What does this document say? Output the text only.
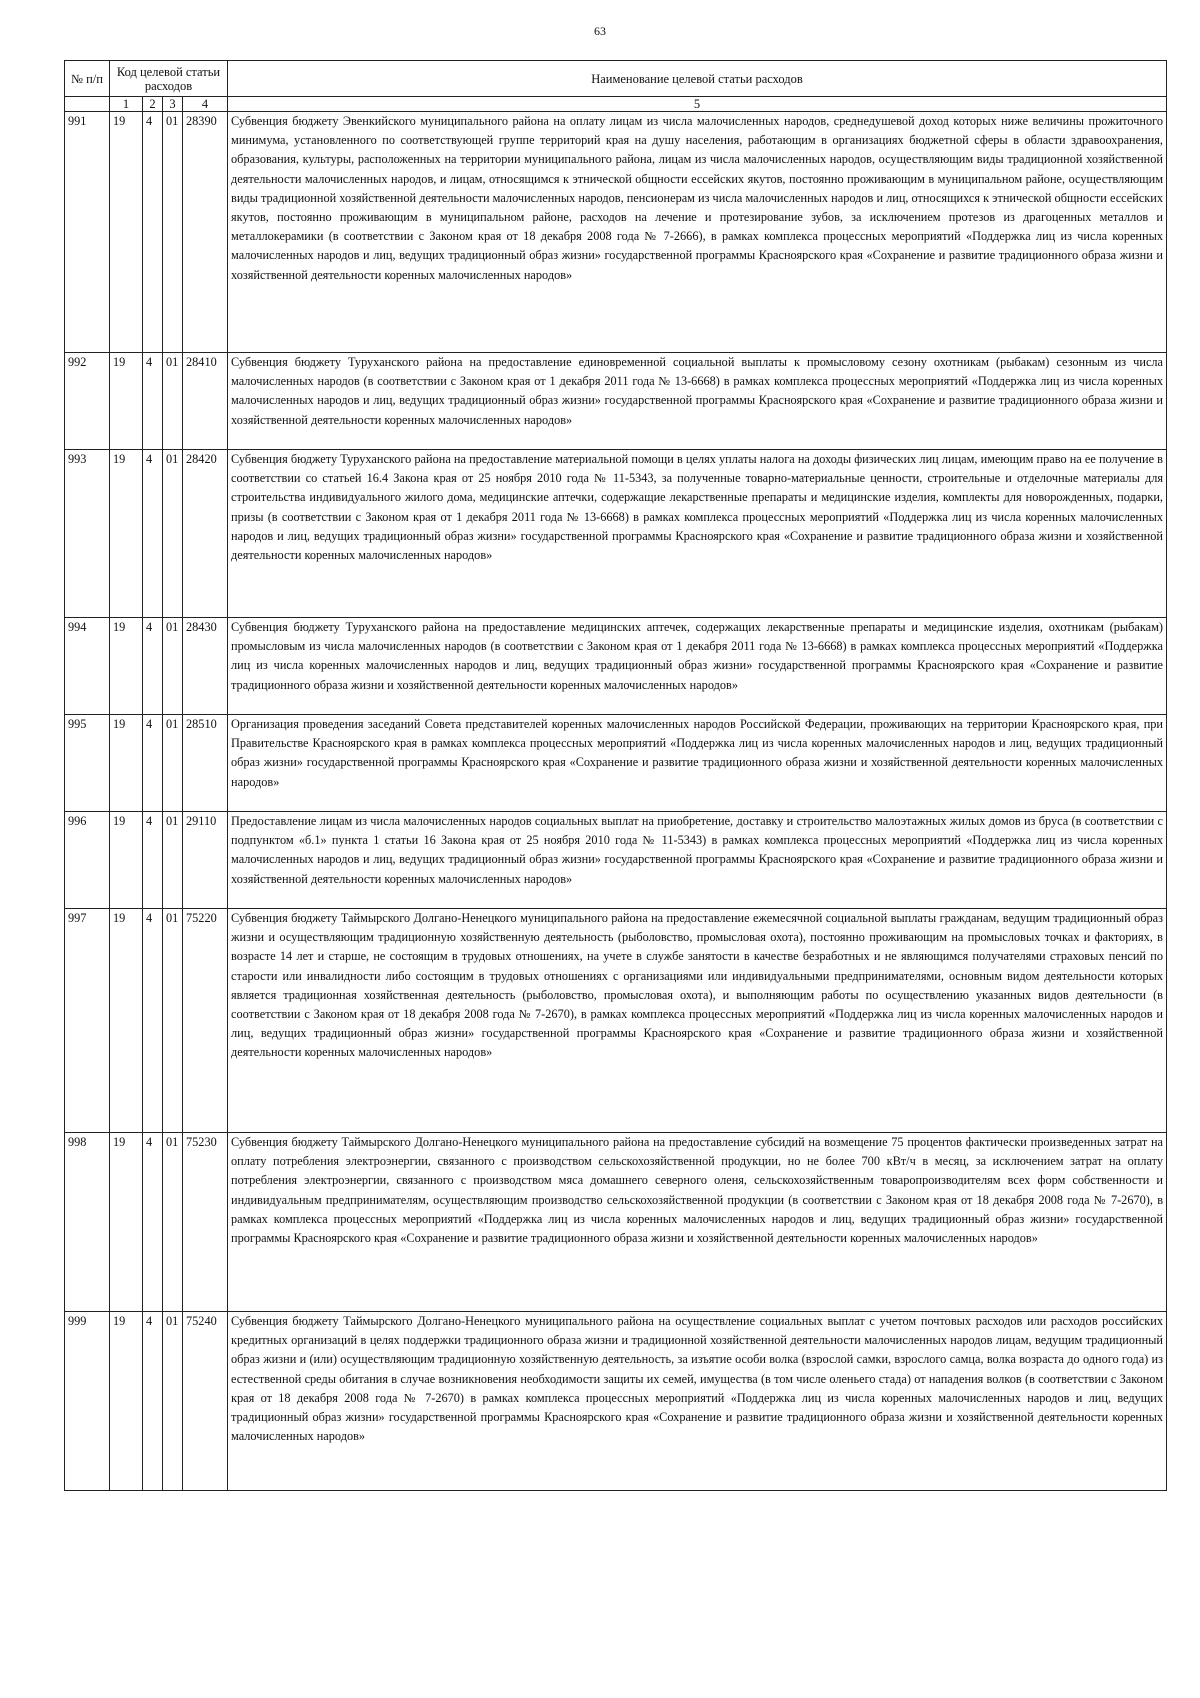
63
№ п/п	Код целевой статьи расходов				Наименование целевой статьи расходов
	1	2	3	4	5
991	19	4	01	28390	Субвенция бюджету Эвенкийского муниципального района на оплату лицам из числа малочисленных народов, среднедушевой доход которых ниже величины прожиточного минимума, установленного по соответствующей группе территорий края на душу населения, работающим в организациях бюджетной сферы в области здравоохранения, образования, культуры, расположенных на территории муниципального района, лицам из числа малочисленных народов, осуществляющим виды традиционной хозяйственной деятельности малочисленных народов, и лицам, относящимся к этнической общности ессейских якутов, постоянно проживающим в муниципальном районе, осуществляющим виды традиционной хозяйственной деятельности малочисленных народов, пенсионерам из числа малочисленных народов и лиц, относящихся к этнической общности ессейских якутов, постоянно проживающим в муниципальном районе, расходов на лечение и протезирование зубов, за исключением протезов из драгоценных металлов и металлокерамики (в соответствии с Законом края от 18 декабря 2008 года № 7-2666), в рамках комплекса процессных мероприятий «Поддержка лиц из числа коренных малочисленных народов и лиц, ведущих традиционный образ жизни» государственной программы Красноярского края «Сохранение и развитие традиционного образа жизни и хозяйственной деятельности коренных малочисленных народов»
992	19	4	01	28410	Субвенция бюджету Туруханского района на предоставление единовременной социальной выплаты к промысловому сезону охотникам (рыбакам) сезонным из числа малочисленных народов (в соответствии с Законом края от 1 декабря 2011 года № 13-6668) в рамках комплекса процессных мероприятий «Поддержка лиц из числа коренных малочисленных народов и лиц, ведущих традиционный образ жизни» государственной программы Красноярского края «Сохранение и развитие традиционного образа жизни и хозяйственной деятельности коренных малочисленных народов»
993	19	4	01	28420	Субвенция бюджету Туруханского района на предоставление материальной помощи в целях уплаты налога на доходы физических лиц лицам, имеющим право на ее получение в соответствии со статьей 16.4 Закона края от 25 ноября 2010 года № 11-5343, за полученные товарно-материальные ценности, строительные и отделочные материалы для строительства индивидуального жилого дома, медицинские аптечки, содержащие лекарственные препараты и медицинские изделия, комплекты для новорожденных, подарки, призы (в соответствии с Законом края от 1 декабря 2011 года № 13-6668) в рамках комплекса процессных мероприятий «Поддержка лиц из числа коренных малочисленных народов и лиц, ведущих традиционный образ жизни» государственной программы Красноярского края «Сохранение и развитие традиционного образа жизни и хозяйственной деятельности коренных малочисленных народов»
994	19	4	01	28430	Субвенция бюджету Туруханского района на предоставление медицинских аптечек, содержащих лекарственные препараты и медицинские изделия, охотникам (рыбакам) промысловым из числа малочисленных народов (в соответствии с Законом края от 1 декабря 2011 года № 13-6668) в рамках комплекса процессных мероприятий «Поддержка лиц из числа коренных малочисленных народов и лиц, ведущих традиционный образ жизни» государственной программы Красноярского края «Сохранение и развитие традиционного образа жизни и хозяйственной деятельности коренных малочисленных народов»
995	19	4	01	28510	Организация проведения заседаний Совета представителей коренных малочисленных народов Российской Федерации, проживающих на территории Красноярского края, при Правительстве Красноярского края в рамках комплекса процессных мероприятий «Поддержка лиц из числа коренных малочисленных народов и лиц, ведущих традиционный образ жизни» государственной программы Красноярского края «Сохранение и развитие традиционного образа жизни и хозяйственной деятельности коренных малочисленных народов»
996	19	4	01	29110	Предоставление лицам из числа малочисленных народов социальных выплат на приобретение, доставку и строительство малоэтажных жилых домов из бруса (в соответствии с подпунктом «б.1» пункта 1 статьи 16 Закона края от 25 ноября 2010 года № 11-5343) в рамках комплекса процессных мероприятий «Поддержка лиц из числа коренных малочисленных народов и лиц, ведущих традиционный образ жизни» государственной программы Красноярского края «Сохранение и развитие традиционного образа жизни и хозяйственной деятельности коренных малочисленных народов»
997	19	4	01	75220	Субвенция бюджету Таймырского Долгано-Ненецкого муниципального района на предоставление ежемесячной социальной выплаты гражданам, ведущим традиционный образ жизни и осуществляющим традиционную хозяйственную деятельность (рыболовство, промысловая охота), постоянно проживающим на промысловых точках и факториях, в возрасте 14 лет и старше, не состоящим в трудовых отношениях, на учете в службе занятости в качестве безработных и не являющимся получателями страховых пенсий по старости или инвалидности либо состоящим в трудовых отношениях с организациями или индивидуальными предпринимателями, основным видом деятельности которых является традиционная хозяйственная деятельность (рыболовство, промысловая охота), и выполняющим работы по осуществлению указанных видов деятельности (в соответствии с Законом края от 18 декабря 2008 года № 7-2670), в рамках комплекса процессных мероприятий «Поддержка лиц из числа коренных малочисленных народов и лиц, ведущих традиционный образ жизни» государственной программы Красноярского края «Сохранение и развитие традиционного образа жизни и хозяйственной деятельности коренных малочисленных народов»
998	19	4	01	75230	Субвенция бюджету Таймырского Долгано-Ненецкого муниципального района на предоставление субсидий на возмещение 75 процентов фактически произведенных затрат на оплату потребления электроэнергии, связанного с производством сельскохозяйственной продукции, но не более 700 кВт/ч в месяц, за исключением затрат на оплату потребления электроэнергии, связанного с производством мяса домашнего северного оленя, сельскохозяйственным товаропроизводителям всех форм собственности и индивидуальным предпринимателям, осуществляющим производство сельскохозяйственной продукции (в соответствии с Законом края от 18 декабря 2008 года № 7-2670), в рамках комплекса процессных мероприятий «Поддержка лиц из числа коренных малочисленных народов и лиц, ведущих традиционный образ жизни» государственной программы Красноярского края «Сохранение и развитие традиционного образа жизни и хозяйственной деятельности коренных малочисленных народов»
999	19	4	01	75240	Субвенция бюджету Таймырского Долгано-Ненецкого муниципального района на осуществление социальных выплат с учетом почтовых расходов или расходов российских кредитных организаций в целях поддержки традиционного образа жизни и традиционной хозяйственной деятельности малочисленных народов лицам, ведущим традиционный образ жизни и (или) осуществляющим традиционную хозяйственную деятельность, за изъятие особи волка (взрослой самки, взрослого самца, волка возраста до одного года) из естественной среды обитания в случае возникновения необходимости защиты их семей, имущества (в том числе оленьего стада) от нападения волков (в соответствии с Законом края от 18 декабря 2008 года № 7-2670) в рамках комплекса процессных мероприятий «Поддержка лиц из числа коренных малочисленных народов и лиц, ведущих традиционный образ жизни» государственной программы Красноярского края «Сохранение и развитие традиционного образа жизни и хозяйственной деятельности коренных малочисленных народов»
